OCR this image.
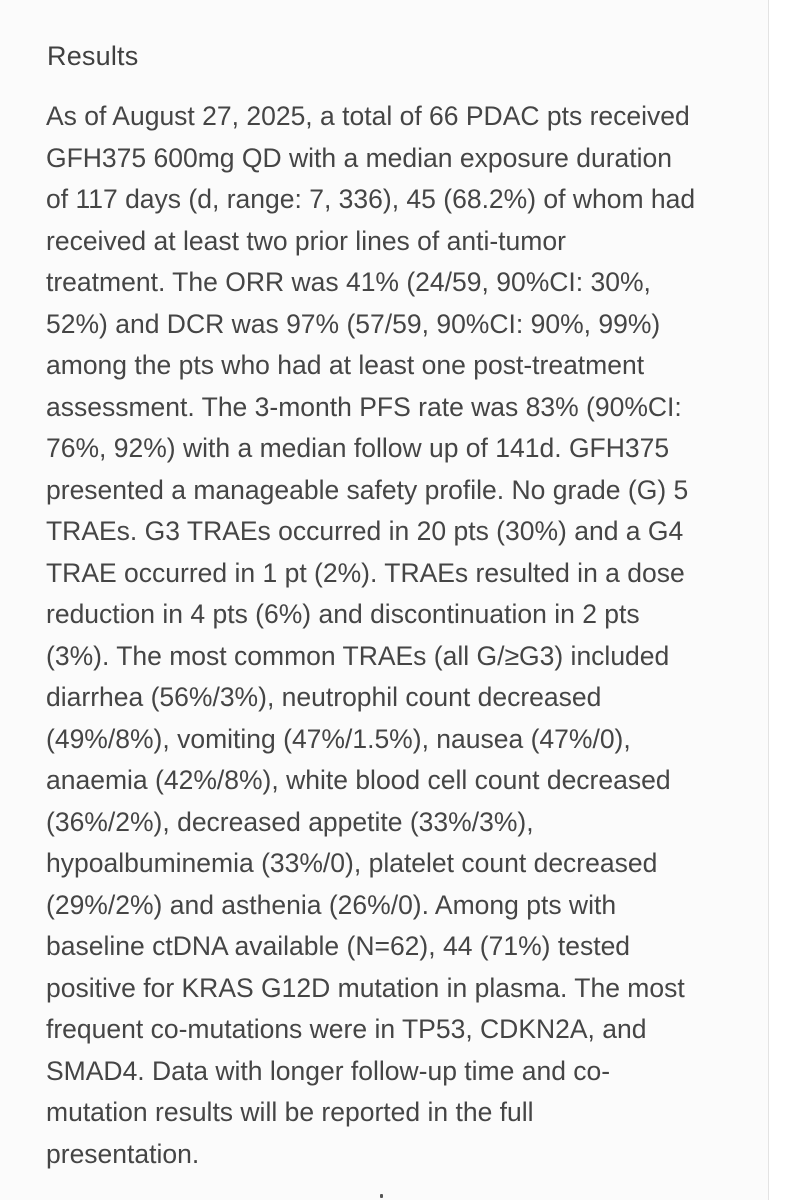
Results

As of August 27, 2025, a total of 66 PDAC pts received
GFH375 600mg QD with a median exposure duration
of 117 days (d, range: 7, 336), 45 (68.2%) of whom had
received at least two prior lines of anti-tumor
treatment. The ORR was 41% (24/59, 90%CI: 30%,
52%) and DCR was 97% (57/59, 90%CI: 90%, 99%)
among the pts who had at least one post-treatment
assessment. The 3-month PFS rate was 83% (90%CI:
76%, 92%) with a median follow up of 141d. GFH375
presented a manageable safety profile. No grade (G) 5
TRAEs. G3 TRAEs occurred in 20 pts (30%) and a G4
TRAE occurred in 1 pt (2%). TRAEs resulted in a dose
reduction in 4 pts (6%) and discontinuation in 2 pts
(3%). The most common TRAEs (all G/≥G3) included
diarrhea (56%/3%), neutrophil count decreased
(49%/8%), vomiting (47%/1.5%), nausea (47%/0),
anaemia (42%/8%), white blood cell count decreased
(36%/2%), decreased appetite (33%/3%),
hypoalbuminemia (33%/0), platelet count decreased
(29%/2%) and asthenia (26%/0). Among pts with
baseline ctDNA available (N=62), 44 (71%) tested
positive for KRAS G12D mutation in plasma. The most
frequent co-mutations were in TP53, CDKN2A, and
SMAD4. Data with longer follow-up time and co-
mutation results will be reported in the full
presentation.
